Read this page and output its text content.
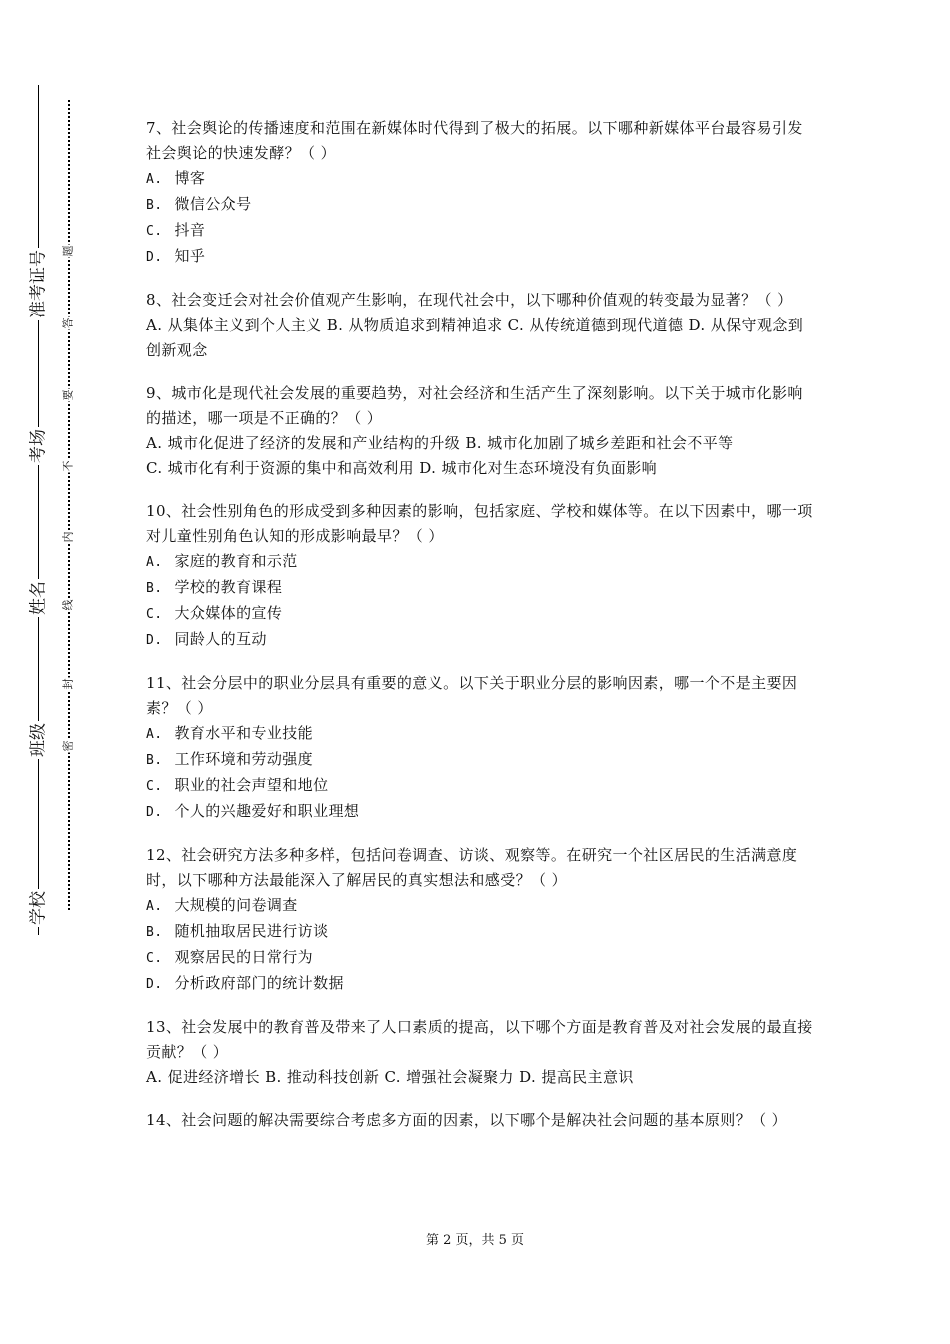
学校
班级
姓名
考场
准考证号
密
封
线
内
不
要
答
题
7、社会舆论的传播速度和范围在新媒体时代得到了极大的拓展。以下哪种新媒体平台最容易引发社会舆论的快速发酵？（ ）
A. 博客
B. 微信公众号
C. 抖音
D. 知乎
8、社会变迁会对社会价值观产生影响，在现代社会中，以下哪种价值观的转变最为显著？（ ）
A. 从集体主义到个人主义 B. 从物质追求到精神追求 C. 从传统道德到现代道德 D. 从保守观念到创新观念
9、城市化是现代社会发展的重要趋势，对社会经济和生活产生了深刻影响。以下关于城市化影响的描述，哪一项是不正确的？（ ）
A. 城市化促进了经济的发展和产业结构的升级 B. 城市化加剧了城乡差距和社会不平等
C. 城市化有利于资源的集中和高效利用 D. 城市化对生态环境没有负面影响
10、社会性别角色的形成受到多种因素的影响，包括家庭、学校和媒体等。在以下因素中，哪一项对儿童性别角色认知的形成影响最早？（ ）
A. 家庭的教育和示范
B. 学校的教育课程
C. 大众媒体的宣传
D. 同龄人的互动
11、社会分层中的职业分层具有重要的意义。以下关于职业分层的影响因素，哪一个不是主要因素？（ ）
A. 教育水平和专业技能
B. 工作环境和劳动强度
C. 职业的社会声望和地位
D. 个人的兴趣爱好和职业理想
12、社会研究方法多种多样，包括问卷调查、访谈、观察等。在研究一个社区居民的生活满意度时，以下哪种方法最能深入了解居民的真实想法和感受？（ ）
A. 大规模的问卷调查
B. 随机抽取居民进行访谈
C. 观察居民的日常行为
D. 分析政府部门的统计数据
13、社会发展中的教育普及带来了人口素质的提高，以下哪个方面是教育普及对社会发展的最直接贡献？（ ）
A. 促进经济增长 B. 推动科技创新 C. 增强社会凝聚力 D. 提高民主意识
14、社会问题的解决需要综合考虑多方面的因素，以下哪个是解决社会问题的基本原则？（ ）
第 2 页，共 5 页
